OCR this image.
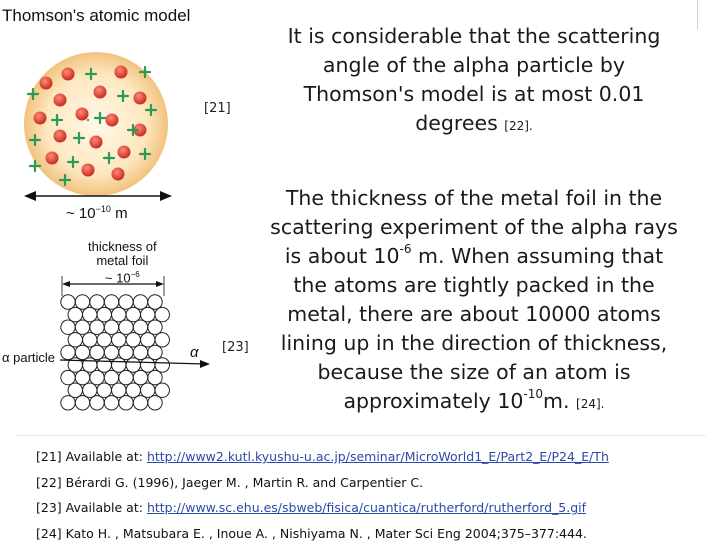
Thomson's atomic model
~ $10^{-10}$ m
[21]
thickness of
metal foil
~ $10^{-6}$
α particle	α [23]
It is considerable that the scattering
angle of the alpha particle by
Thomson's model is at most 0.01
degrees [22].
The thickness of the metal foil in the
scattering experiment of the alpha rays
is about $10^{-6}$ m. When assuming that
the atoms are tightly packed in the
metal, there are about 10000 atoms
lining up in the direction of thickness,
because the size of an atom is
approximately $10^{-10}m$. [24].
[21] Available at: http://www2.kutl.kyushu-u.ac.jp/seminar/MicroWorld1_E/Part2_E/P24_E/Th
[22] Bérardi G. (1996), Jaeger M. , Martin R. and Carpentier C.
[23] Available at: http://www.sc.ehu.es/sbweb/fisica/cuantica/rutherford/rutherford_5.gif
[24] Kato H. , Matsubara E. , Inoue A. , Nishiyama N. , Mater Sci Eng 2004;375–377:444.
